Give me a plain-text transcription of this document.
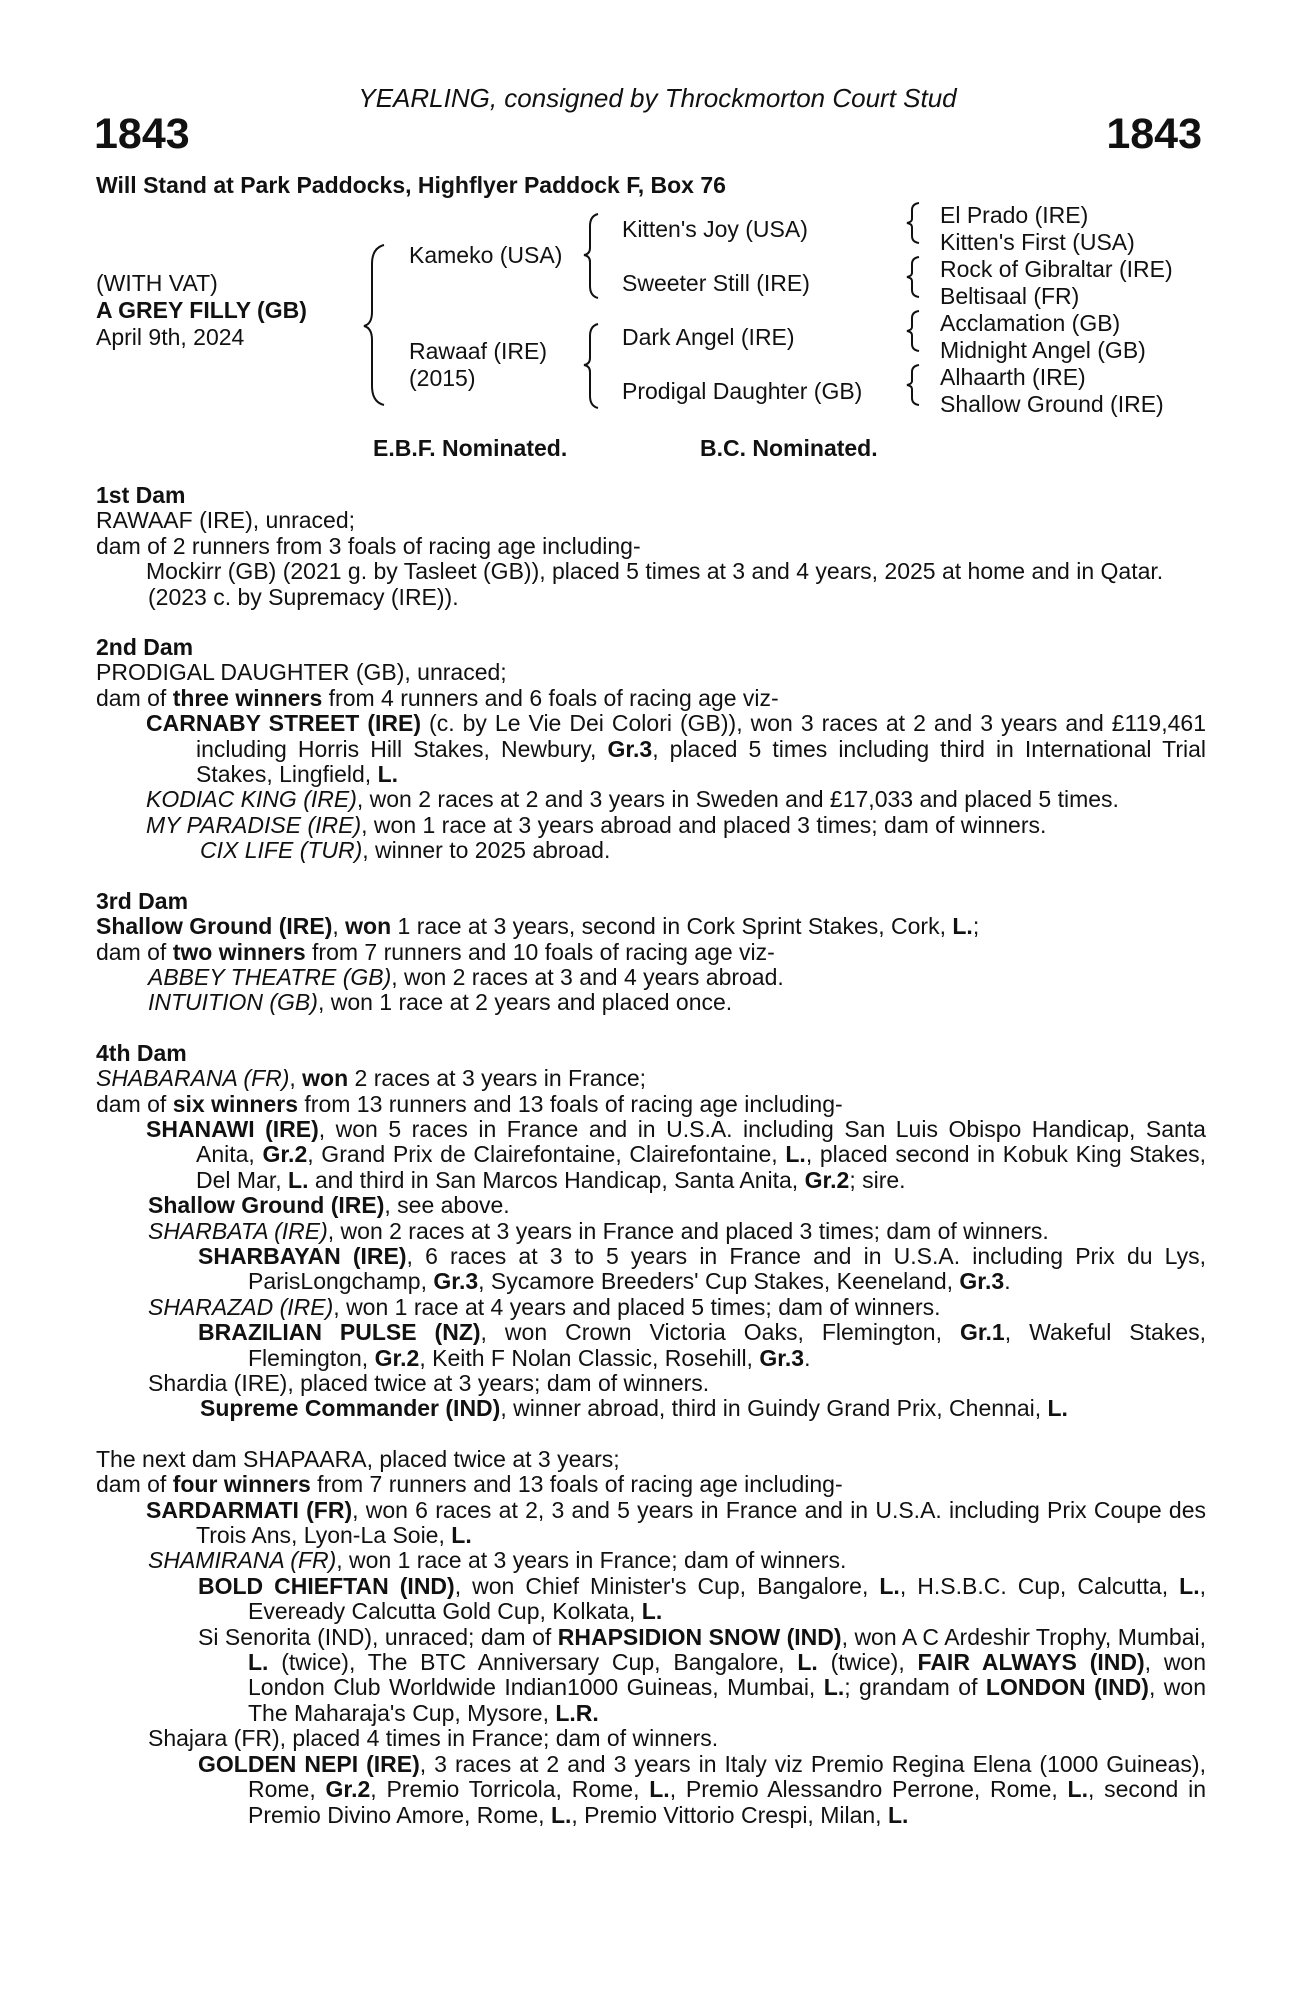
YEARLING, consigned by Throckmorton Court Stud
1843	1843
Will Stand at Park Paddocks, Highflyer Paddock F, Box 76
(WITH VAT)
A GREY FILLY (GB)
April 9th, 2024
Kameko (USA)
Rawaaf (IRE)
(2015)
Kitten's Joy (USA)
Sweeter Still (IRE)
Dark Angel (IRE)
Prodigal Daughter (GB)
El Prado (IRE)
Kitten's First (USA)
Rock of Gibraltar (IRE)
Beltisaal (FR)
Acclamation (GB)
Midnight Angel (GB)
Alhaarth (IRE)
Shallow Ground (IRE)
E.B.F. Nominated.	B.C. Nominated.

1st Dam

RAWAAF (IRE), unraced;

dam of 2 runners from 3 foals of racing age including-

Mockirr (GB) (2021 g. by Tasleet (GB)), placed 5 times at 3 and 4 years, 2025 at home and in Qatar.

(2023 c. by Supremacy (IRE)).

2nd Dam

PRODIGAL DAUGHTER (GB), unraced;

dam of three winners from 4 runners and 6 foals of racing age viz-

CARNABY STREET (IRE) (c. by Le Vie Dei Colori (GB)), won 3 races at 2 and 3 years and £119,461 including Horris Hill Stakes, Newbury, Gr.3, placed 5 times including third in International Trial Stakes, Lingfield, L.

KODIAC KING (IRE), won 2 races at 2 and 3 years in Sweden and £17,033 and placed 5 times.

MY PARADISE (IRE), won 1 race at 3 years abroad and placed 3 times; dam of winners.

CIX LIFE (TUR), winner to 2025 abroad.

3rd Dam

Shallow Ground (IRE), won 1 race at 3 years, second in Cork Sprint Stakes, Cork, L.;

dam of two winners from 7 runners and 10 foals of racing age viz-

ABBEY THEATRE (GB), won 2 races at 3 and 4 years abroad.

INTUITION (GB), won 1 race at 2 years and placed once.

4th Dam

SHABARANA (FR), won 2 races at 3 years in France;

dam of six winners from 13 runners and 13 foals of racing age including-

SHANAWI (IRE), won 5 races in France and in U.S.A. including San Luis Obispo Handicap, Santa Anita, Gr.2, Grand Prix de Clairefontaine, Clairefontaine, L., placed second in Kobuk King Stakes, Del Mar, L. and third in San Marcos Handicap, Santa Anita, Gr.2; sire.

Shallow Ground (IRE), see above.

SHARBATA (IRE), won 2 races at 3 years in France and placed 3 times; dam of winners.

SHARBAYAN (IRE), 6 races at 3 to 5 years in France and in U.S.A. including Prix du Lys, ParisLongchamp, Gr.3, Sycamore Breeders' Cup Stakes, Keeneland, Gr.3.

SHARAZAD (IRE), won 1 race at 4 years and placed 5 times; dam of winners.

BRAZILIAN PULSE (NZ), won Crown Victoria Oaks, Flemington, Gr.1, Wakeful Stakes, Flemington, Gr.2, Keith F Nolan Classic, Rosehill, Gr.3.

Shardia (IRE), placed twice at 3 years; dam of winners.

Supreme Commander (IND), winner abroad, third in Guindy Grand Prix, Chennai, L.

The next dam SHAPAARA, placed twice at 3 years;

dam of four winners from 7 runners and 13 foals of racing age including-

SARDARMATI (FR), won 6 races at 2, 3 and 5 years in France and in U.S.A. including Prix Coupe des Trois Ans, Lyon-La Soie, L.

SHAMIRANA (FR), won 1 race at 3 years in France; dam of winners.

BOLD CHIEFTAN (IND), won Chief Minister's Cup, Bangalore, L., H.S.B.C. Cup, Calcutta, L., Eveready Calcutta Gold Cup, Kolkata, L.

Si Senorita (IND), unraced; dam of RHAPSIDION SNOW (IND), won A C Ardeshir Trophy, Mumbai, L. (twice), The BTC Anniversary Cup, Bangalore, L. (twice), FAIR ALWAYS (IND), won London Club Worldwide Indian1000 Guineas, Mumbai, L.; grandam of LONDON (IND), won The Maharaja's Cup, Mysore, L.R.

Shajara (FR), placed 4 times in France; dam of winners.

GOLDEN NEPI (IRE), 3 races at 2 and 3 years in Italy viz Premio Regina Elena (1000 Guineas), Rome, Gr.2, Premio Torricola, Rome, L., Premio Alessandro Perrone, Rome, L., second in Premio Divino Amore, Rome, L., Premio Vittorio Crespi, Milan, L.
